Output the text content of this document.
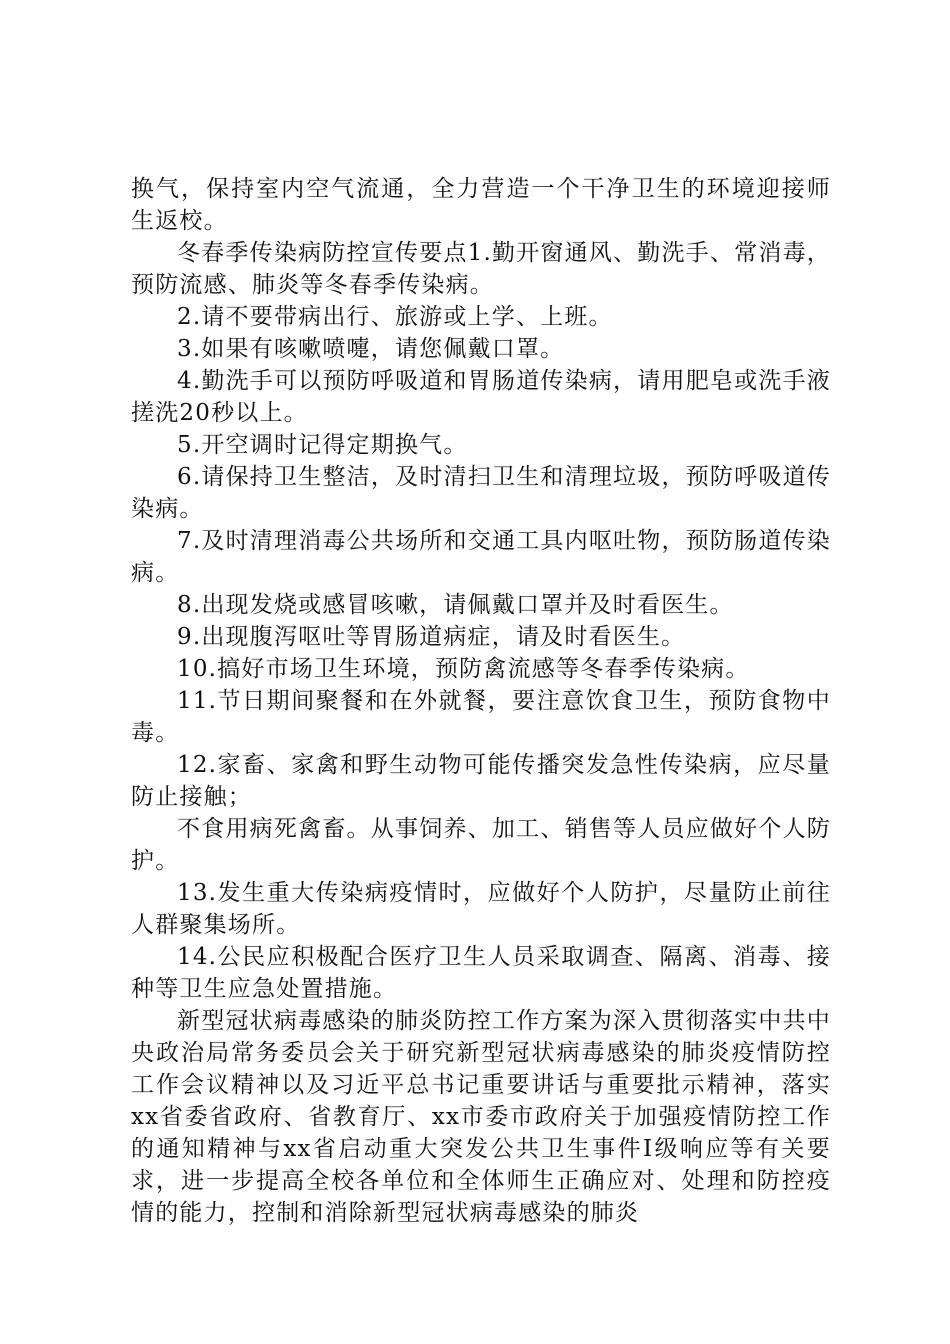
换气，保持室内空气流通，全力营造一个干净卫生的环境迎接师生返校。

冬春季传染病防控宣传要点1.勤开窗通风、勤洗手、常消毒，预防流感、肺炎等冬春季传染病。

2.请不要带病出行、旅游或上学、上班。

3.如果有咳嗽喷嚏，请您佩戴口罩。

4.勤洗手可以预防呼吸道和胃肠道传染病，请用肥皂或洗手液搓洗20秒以上。

5.开空调时记得定期换气。

6.请保持卫生整洁，及时清扫卫生和清理垃圾，预防呼吸道传染病。

7.及时清理消毒公共场所和交通工具内呕吐物，预防肠道传染病。

8.出现发烧或感冒咳嗽，请佩戴口罩并及时看医生。

9.出现腹泻呕吐等胃肠道病症，请及时看医生。

10.搞好市场卫生环境，预防禽流感等冬春季传染病。

11.节日期间聚餐和在外就餐，要注意饮食卫生，预防食物中毒。

12.家畜、家禽和野生动物可能传播突发急性传染病，应尽量防止接触；

不食用病死禽畜。从事饲养、加工、销售等人员应做好个人防护。

13.发生重大传染病疫情时，应做好个人防护，尽量防止前往人群聚集场所。

14.公民应积极配合医疗卫生人员采取调查、隔离、消毒、接种等卫生应急处置措施。

新型冠状病毒感染的肺炎防控工作方案为深入贯彻落实中共中央政治局常务委员会关于研究新型冠状病毒感染的肺炎疫情防控工作会议精神以及习近平总书记重要讲话与重要批示精神，落实xx省委省政府、省教育厅、xx市委市政府关于加强疫情防控工作的通知精神与xx省启动重大突发公共卫生事件Ⅰ级响应等有关要求，进一步提高全校各单位和全体师生正确应对、处理和防控疫情的能力，控制和消除新型冠状病毒感染的肺炎
